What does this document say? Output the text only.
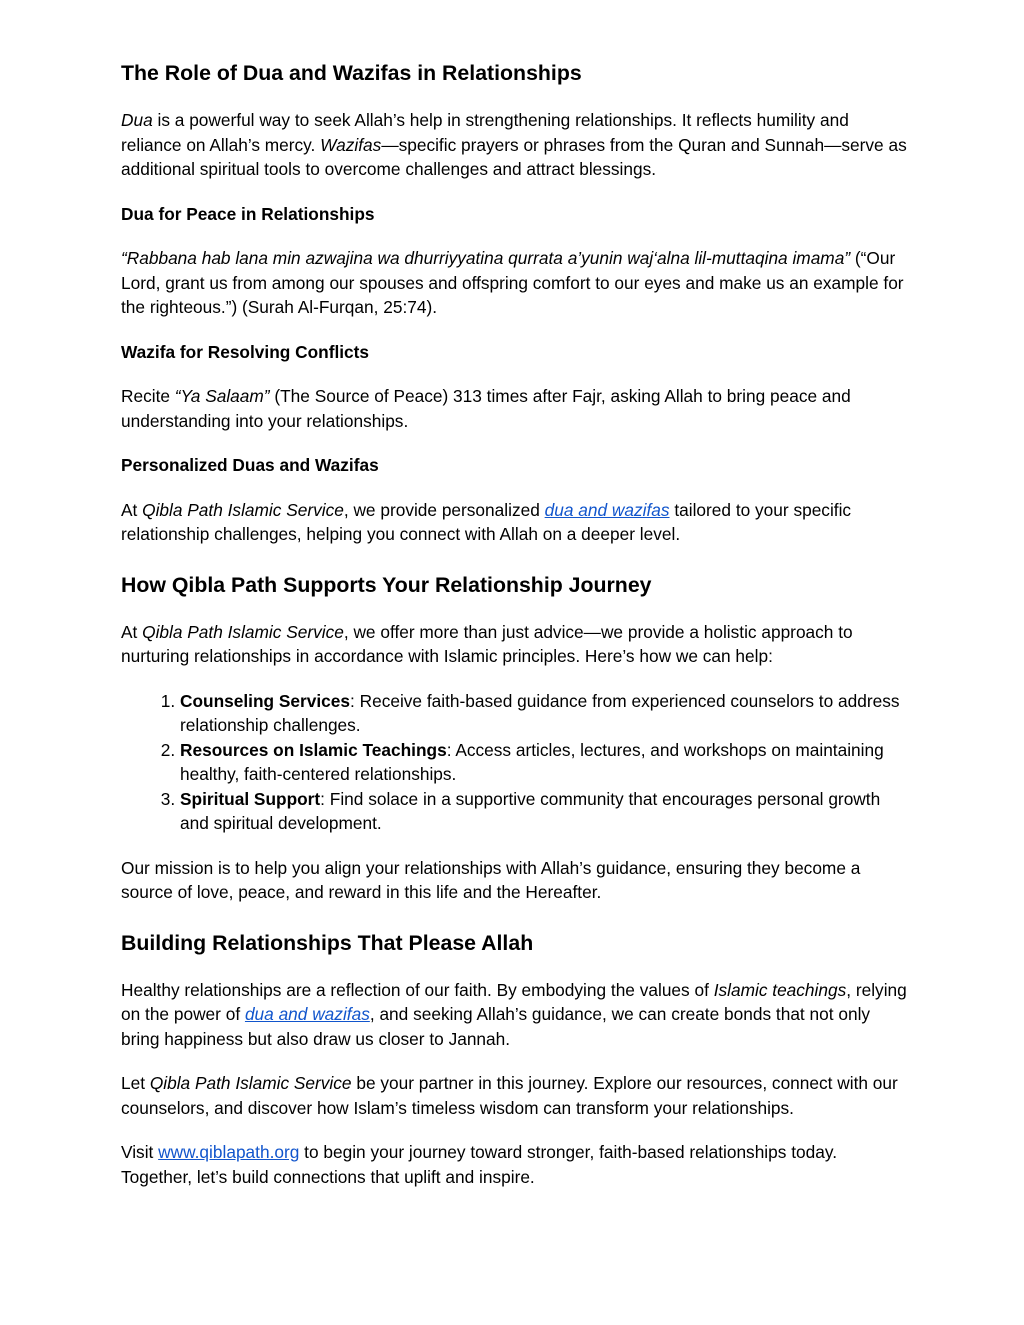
The Role of Dua and Wazifas in Relationships

Dua is a powerful way to seek Allah’s help in strengthening relationships. It reflects humility and reliance on Allah’s mercy. Wazifas—specific prayers or phrases from the Quran and Sunnah—serve as additional spiritual tools to overcome challenges and attract blessings.

Dua for Peace in Relationships

“Rabbana hab lana min azwajina wa dhurriyyatina qurrata a’yunin waj‘alna lil-muttaqina imama” (“Our Lord, grant us from among our spouses and offspring comfort to our eyes and make us an example for the righteous.”) (Surah Al-Furqan, 25:74).

Wazifa for Resolving Conflicts

Recite “Ya Salaam” (The Source of Peace) 313 times after Fajr, asking Allah to bring peace and understanding into your relationships.

Personalized Duas and Wazifas

At Qibla Path Islamic Service, we provide personalized dua and wazifas tailored to your specific relationship challenges, helping you connect with Allah on a deeper level.

How Qibla Path Supports Your Relationship Journey

At Qibla Path Islamic Service, we offer more than just advice—we provide a holistic approach to nurturing relationships in accordance with Islamic principles. Here’s how we can help:

1. Counseling Services: Receive faith-based guidance from experienced counselors to address relationship challenges.
2. Resources on Islamic Teachings: Access articles, lectures, and workshops on maintaining healthy, faith-centered relationships.
3. Spiritual Support: Find solace in a supportive community that encourages personal growth and spiritual development.

Our mission is to help you align your relationships with Allah’s guidance, ensuring they become a source of love, peace, and reward in this life and the Hereafter.

Building Relationships That Please Allah

Healthy relationships are a reflection of our faith. By embodying the values of Islamic teachings, relying on the power of dua and wazifas, and seeking Allah’s guidance, we can create bonds that not only bring happiness but also draw us closer to Jannah.

Let Qibla Path Islamic Service be your partner in this journey. Explore our resources, connect with our counselors, and discover how Islam’s timeless wisdom can transform your relationships.

Visit www.qiblapath.org to begin your journey toward stronger, faith-based relationships today. Together, let’s build connections that uplift and inspire.
